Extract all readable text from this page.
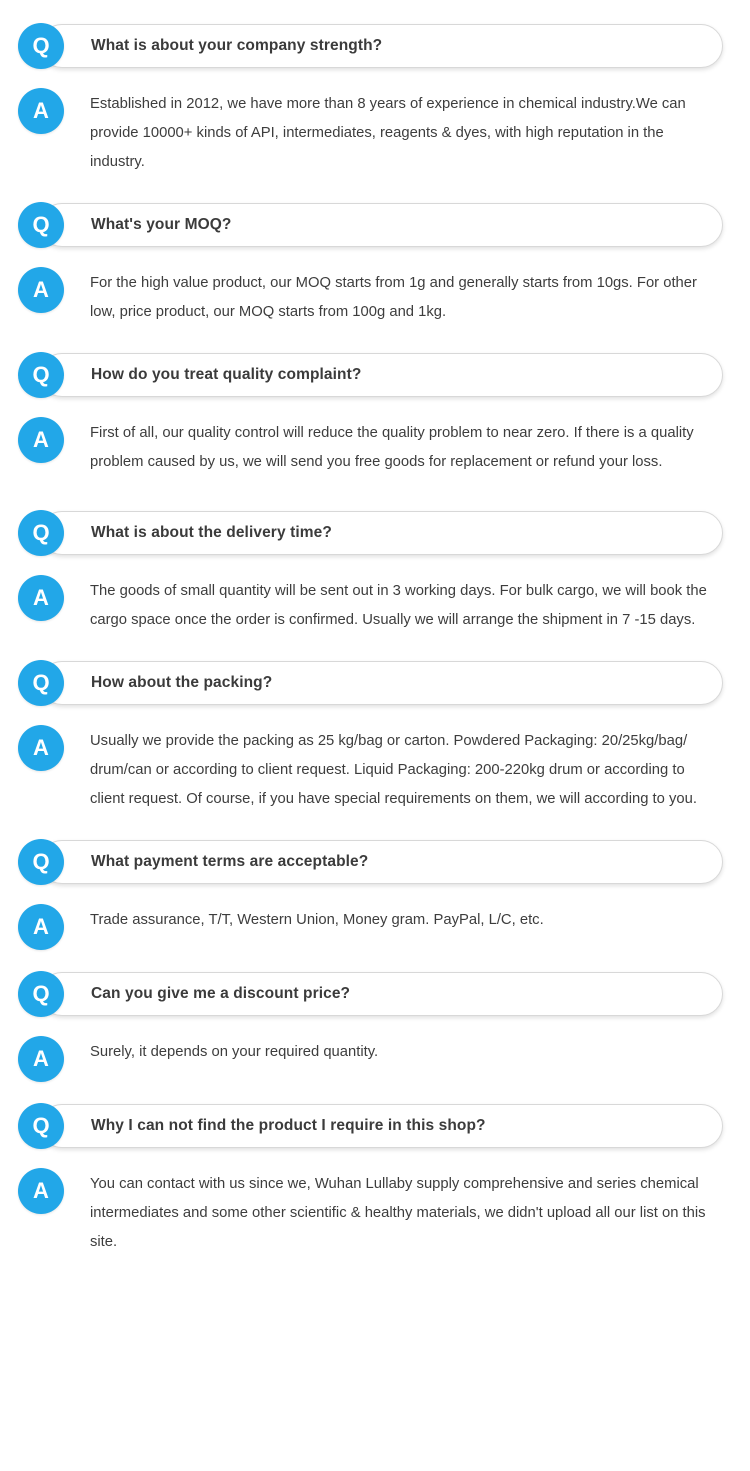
Q	What is about your company strength?
A	Established in 2012, we have more than 8 years of experience in chemical industry.We can provide 10000+ kinds of API, intermediates, reagents & dyes, with high reputation in the industry.
Q	What's your MOQ?
A	For the high value product, our MOQ starts from 1g and generally starts from 10gs. For other low, price product, our MOQ starts from 100g and 1kg.
Q	How do you treat quality complaint?
A	First of all, our quality control will reduce the quality problem to near zero. If there is a quality problem caused by us, we will send you free goods for replacement or refund your loss.
Q	What is about the delivery time?
A	The goods of small quantity will be sent out in 3 working days. For bulk cargo, we will book the cargo space once the order is confirmed. Usually we will arrange the shipment in 7 -15 days.
Q	How about the packing?
A	Usually we provide the packing as 25 kg/bag or carton. Powdered Packaging: 20/25kg/bag/ drum/can or according to client request. Liquid Packaging: 200-220kg drum or according to client request. Of course, if you have special requirements on them, we will according to you.
Q	What payment terms are acceptable?
A	Trade assurance, T/T, Western Union, Money gram. PayPal, L/C, etc.
Q	Can you give me a discount price?
A	Surely, it depends on your required quantity.
Q	Why I can not find the product I require in this shop?
A	You can contact with us since we, Wuhan Lullaby supply comprehensive and series chemical intermediates and some other scientific & healthy materials, we didn't upload all our list on this site.
